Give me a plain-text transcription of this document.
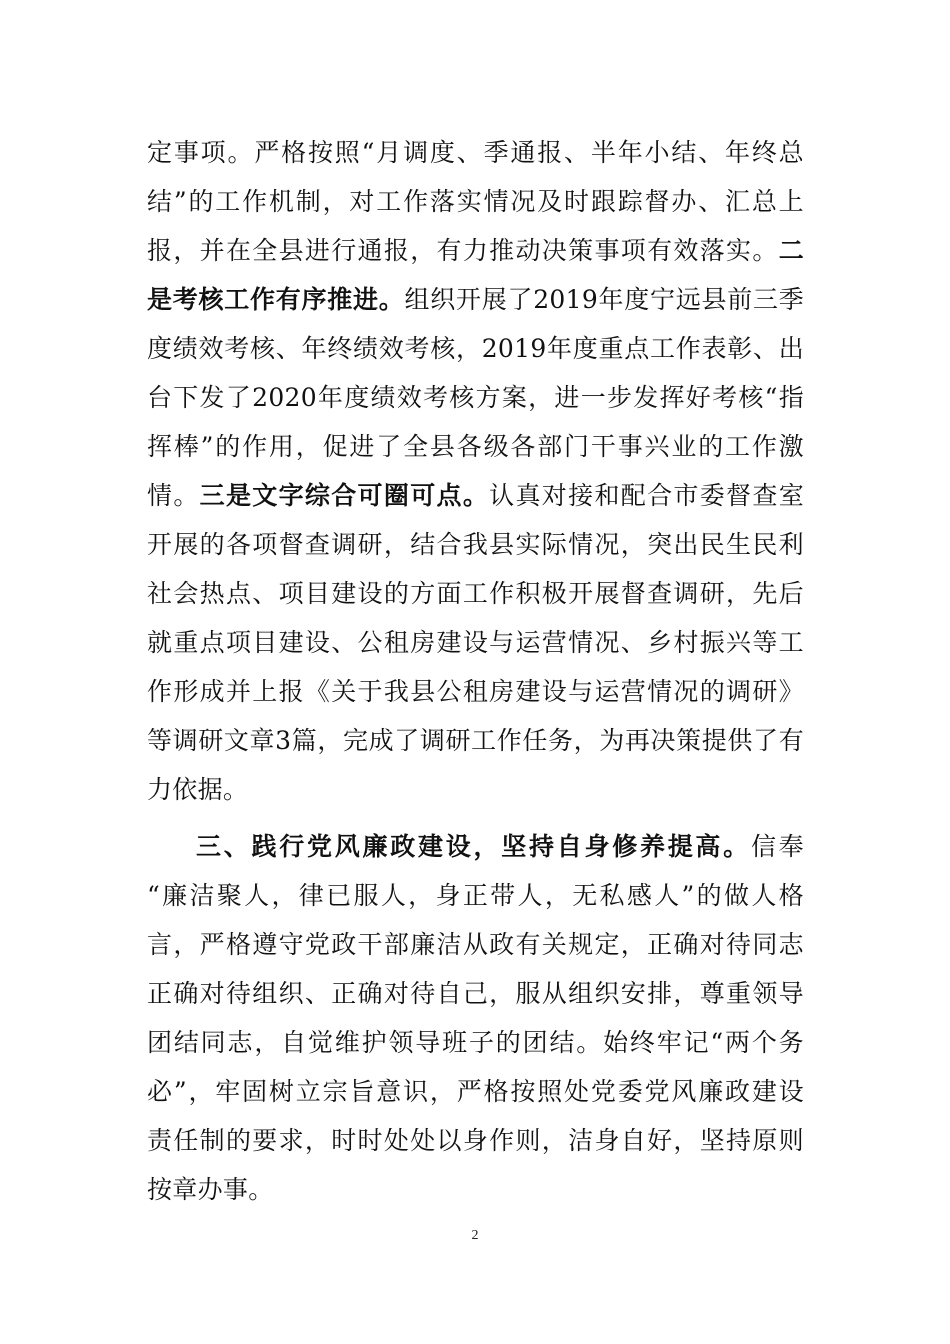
定事项。严格按照“月调度、季通报、半年小结、年终总
结”的工作机制，对工作落实情况及时跟踪督办、汇总上
报，并在全县进行通报，有力推动决策事项有效落实。二
是考核工作有序推进。组织开展了2019年度宁远县前三季
度绩效考核、年终绩效考核，2019年度重点工作表彰、出
台下发了2020年度绩效考核方案，进一步发挥好考核“指
挥棒”的作用，促进了全县各级各部门干事兴业的工作激
情。三是文字综合可圈可点。认真对接和配合市委督查室
开展的各项督查调研，结合我县实际情况，突出民生民利
社会热点、项目建设的方面工作积极开展督查调研，先后
就重点项目建设、公租房建设与运营情况、乡村振兴等工
作形成并上报《关于我县公租房建设与运营情况的调研》
等调研文章3篇，完成了调研工作任务，为再决策提供了有
力依据。
三、践行党风廉政建设，坚持自身修养提高。信奉
“廉洁聚人，律已服人，身正带人，无私感人”的做人格
言，严格遵守党政干部廉洁从政有关规定，正确对待同志
正确对待组织、正确对待自己，服从组织安排，尊重领导
团结同志，自觉维护领导班子的团结。始终牢记“两个务
必”，牢固树立宗旨意识，严格按照处党委党风廉政建设
责任制的要求，时时处处以身作则，洁身自好，坚持原则
按章办事。
2
